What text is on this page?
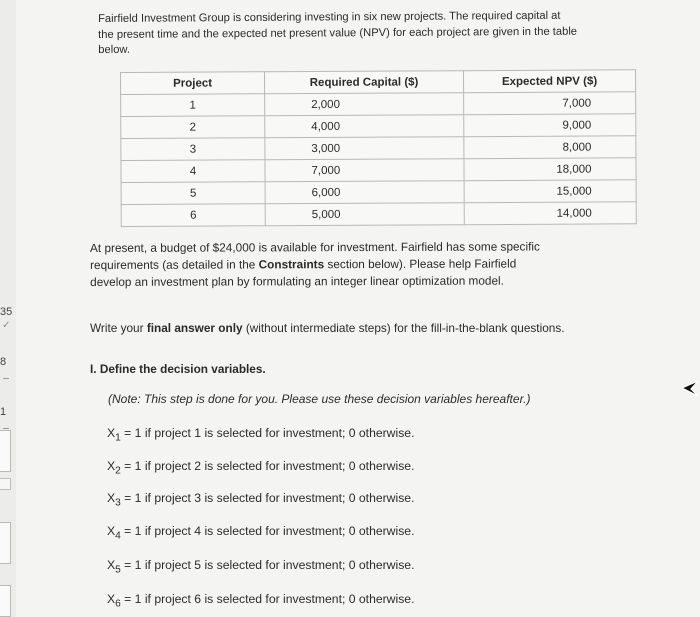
35
✓
8
1
Fairfield Investment Group is considering investing in six new projects. The required capital at the present time and the expected net present value (NPV) for each project are given in the table below.
Project	Required Capital ($)	Expected NPV ($)
1	2,000	7,000
2	4,000	9,000
3	3,000	8,000
4	7,000	18,000
5	6,000	15,000
6	5,000	14,000
At present, a budget of $24,000 is available for investment. Fairfield has some specific requirements (as detailed in the Constraints section below). Please help Fairfield develop an investment plan by formulating an integer linear optimization model.
Write your final answer only (without intermediate steps) for the fill-in-the-blank questions.
I. Define the decision variables.
(Note: This step is done for you. Please use these decision variables hereafter.)
$X_1 = 1$ if project 1 is selected for investment; 0 otherwise.
$X_2 = 1$ if project 2 is selected for investment; 0 otherwise.
$X_3 = 1$ if project 3 is selected for investment; 0 otherwise.
$X_4 = 1$ if project 4 is selected for investment; 0 otherwise.
$X_5 = 1$ if project 5 is selected for investment; 0 otherwise.
$X_6 = 1$ if project 6 is selected for investment; 0 otherwise.
